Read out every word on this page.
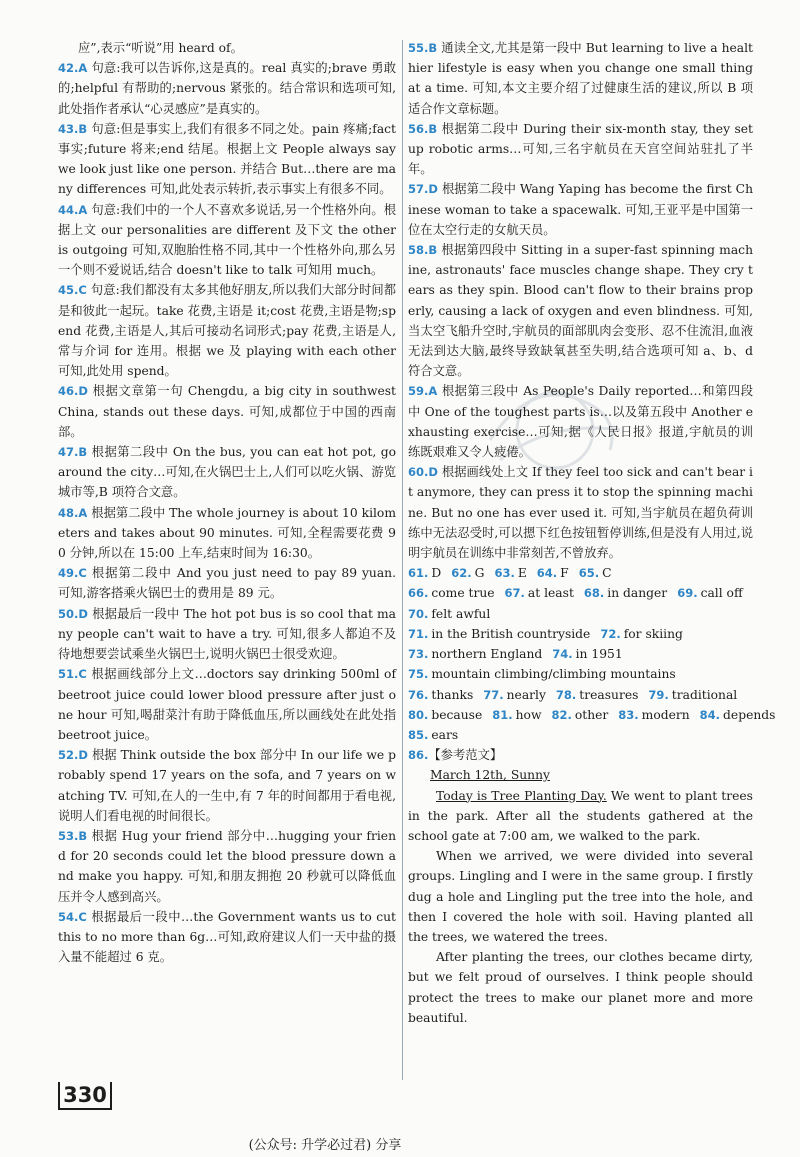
应”,表示“听说”用 heard of。

42.A 句意:我可以告诉你,这是真的。real 真实的;brave 勇敢的;helpful 有帮助的;nervous 紧张的。结合常识和选项可知,此处指作者承认“心灵感应”是真实的。

43.B 句意:但是事实上,我们有很多不同之处。pain 疼痛;fact 事实;future 将来;end 结尾。根据上文 People always say we look just like one person. 并结合 But…there are many differences 可知,此处表示转折,表示事实上有很多不同。

44.A 句意:我们中的一个人不喜欢多说话,另一个性格外向。根据上文 our personalities are different 及下文 the other is outgoing 可知,双胞胎性格不同,其中一个性格外向,那么另一个则不爱说话,结合 doesn't like to talk 可知用 much。

45.C 句意:我们都没有太多其他好朋友,所以我们大部分时间都是和彼此一起玩。take 花费,主语是 it;cost 花费,主语是物;spend 花费,主语是人,其后可接动名词形式;pay 花费,主语是人,常与介词 for 连用。根据 we 及 playing with each other 可知,此处用 spend。

46.D 根据文章第一句 Chengdu, a big city in southwest China, stands out these days. 可知,成都位于中国的西南部。

47.B 根据第二段中 On the bus, you can eat hot pot, go around the city…可知,在火锅巴士上,人们可以吃火锅、游览城市等,B 项符合文意。

48.A 根据第二段中 The whole journey is about 10 kilometers and takes about 90 minutes. 可知,全程需要花费 90 分钟,所以在 15:00 上车,结束时间为 16:30。

49.C 根据第二段中 And you just need to pay 89 yuan. 可知,游客搭乘火锅巴士的费用是 89 元。

50.D 根据最后一段中 The hot pot bus is so cool that many people can't wait to have a try. 可知,很多人都迫不及待地想要尝试乘坐火锅巴士,说明火锅巴士很受欢迎。

51.C 根据画线部分上文…doctors say drinking 500ml of beetroot juice could lower blood pressure after just one hour 可知,喝甜菜汁有助于降低血压,所以画线处在此处指 beetroot juice。

52.D 根据 Think outside the box 部分中 In our life we probably spend 17 years on the sofa, and 7 years on watching TV. 可知,在人的一生中,有 7 年的时间都用于看电视,说明人们看电视的时间很长。

53.B 根据 Hug your friend 部分中…hugging your friend for 20 seconds could let the blood pressure down and make you happy. 可知,和朋友拥抱 20 秒就可以降低血压并令人感到高兴。

54.C 根据最后一段中…the Government wants us to cut this to no more than 6g…可知,政府建议人们一天中盐的摄入量不能超过 6 克。

55.B 通读全文,尤其是第一段中 But learning to live a healthier lifestyle is easy when you change one small thing at a time. 可知,本文主要介绍了过健康生活的建议,所以 B 项适合作文章标题。

56.B 根据第二段中 During their six-month stay, they set up robotic arms…可知,三名宇航员在天宫空间站驻扎了半年。

57.D 根据第二段中 Wang Yaping has become the first Chinese woman to take a spacewalk. 可知,王亚平是中国第一位在太空行走的女航天员。

58.B 根据第四段中 Sitting in a super-fast spinning machine, astronauts' face muscles change shape. They cry tears as they spin. Blood can't flow to their brains properly, causing a lack of oxygen and even blindness. 可知,当太空飞船升空时,宇航员的面部肌肉会变形、忍不住流泪,血液无法到达大脑,最终导致缺氧甚至失明,结合选项可知 a、b、d 符合文意。

59.A 根据第三段中 As People's Daily reported…和第四段中 One of the toughest parts is…以及第五段中 Another exhausting exercise…可知,据《人民日报》报道,宇航员的训练既艰难又令人疲倦。

60.D 根据画线处上文 If they feel too sick and can't bear it anymore, they can press it to stop the spinning machine. But no one has ever used it. 可知,当宇航员在超负荷训练中无法忍受时,可以摁下红色按钮暂停训练,但是没有人用过,说明宇航员在训练中非常刻苦,不曾放弃。

61. D 62. G 63. E 64. F 65. C
66. come true 67. at least 68. in danger 69. call off
70. felt awful
71. in the British countryside 72. for skiing
73. northern England 74. in 1951
75. mountain climbing/climbing mountains
76. thanks 77. nearly 78. treasures 79. traditional
80. because 81. how 82. other 83. modern 84. depends
85. ears
86.【参考范文】
March 12th, Sunny

Today is Tree Planting Day. We went to plant trees in the park. After all the students gathered at the school gate at 7:00 am, we walked to the park.

When we arrived, we were divided into several groups. Lingling and I were in the same group. I firstly dug a hole and Lingling put the tree into the hole, and then I covered the hole with soil. Having planted all the trees, we watered the trees.

After planting the trees, our clothes became dirty, but we felt proud of ourselves. I think people should protect the trees to make our planet more and more beautiful.

330
(公众号: 升学必过君) 分享
